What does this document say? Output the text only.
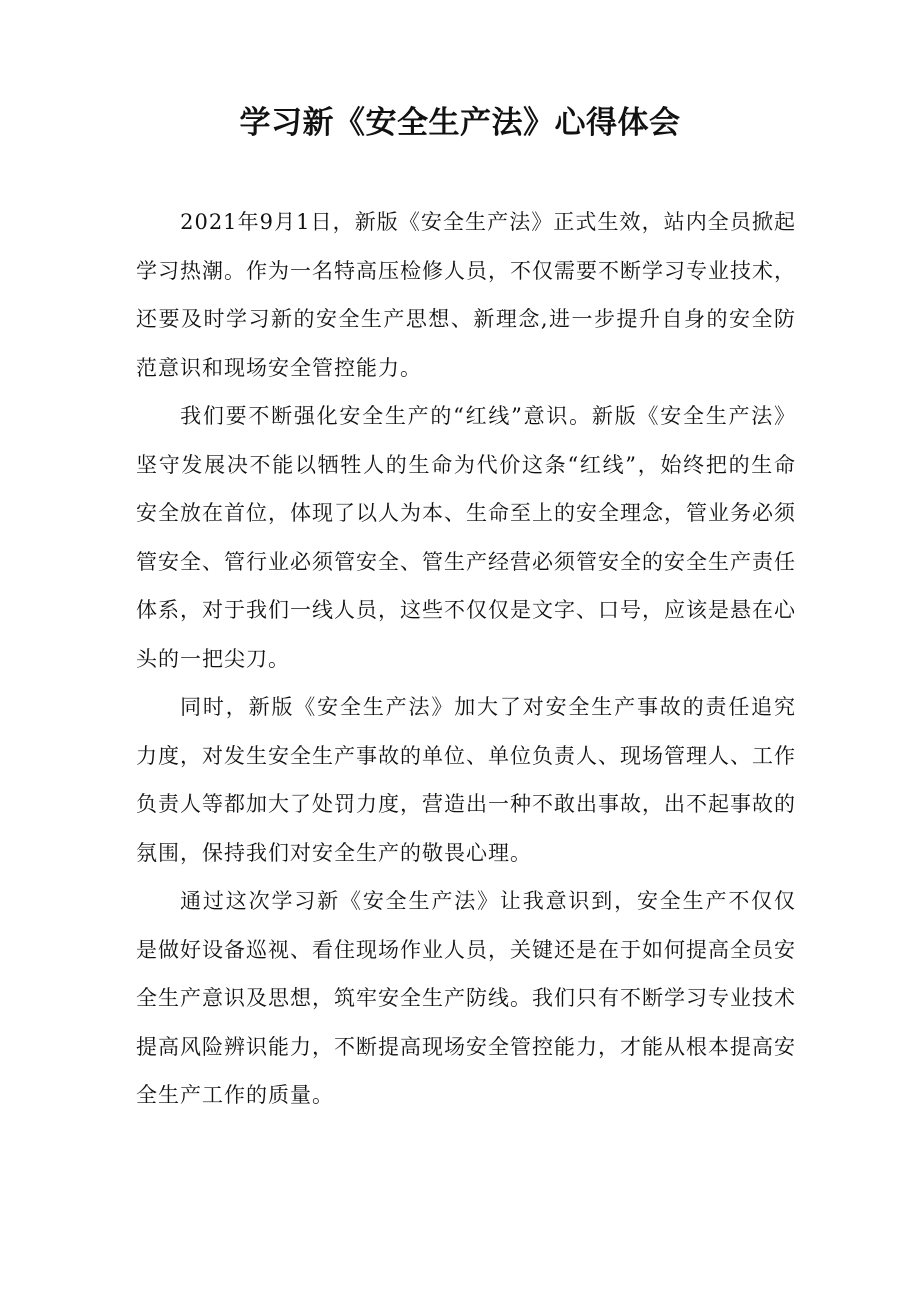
学习新《安全生产法》心得体会

2021年9月1日，新版《安全生产法》正式生效，站内全员掀起学习热潮。作为一名特高压检修人员，不仅需要不断学习专业技术，还要及时学习新的安全生产思想、新理念,进一步提升自身的安全防范意识和现场安全管控能力。

我们要不断强化安全生产的“红线”意识。新版《安全生产法》坚守发展决不能以牺牲人的生命为代价这条“红线”，始终把的生命安全放在首位，体现了以人为本、生命至上的安全理念，管业务必须管安全、管行业必须管安全、管生产经营必须管安全的安全生产责任体系，对于我们一线人员，这些不仅仅是文字、口号，应该是悬在心头的一把尖刀。

同时，新版《安全生产法》加大了对安全生产事故的责任追究力度，对发生安全生产事故的单位、单位负责人、现场管理人、工作负责人等都加大了处罚力度，营造出一种不敢出事故，出不起事故的氛围，保持我们对安全生产的敬畏心理。

通过这次学习新《安全生产法》让我意识到，安全生产不仅仅是做好设备巡视、看住现场作业人员，关键还是在于如何提高全员安全生产意识及思想，筑牢安全生产防线。我们只有不断学习专业技术提高风险辨识能力，不断提高现场安全管控能力，才能从根本提高安全生产工作的质量。
